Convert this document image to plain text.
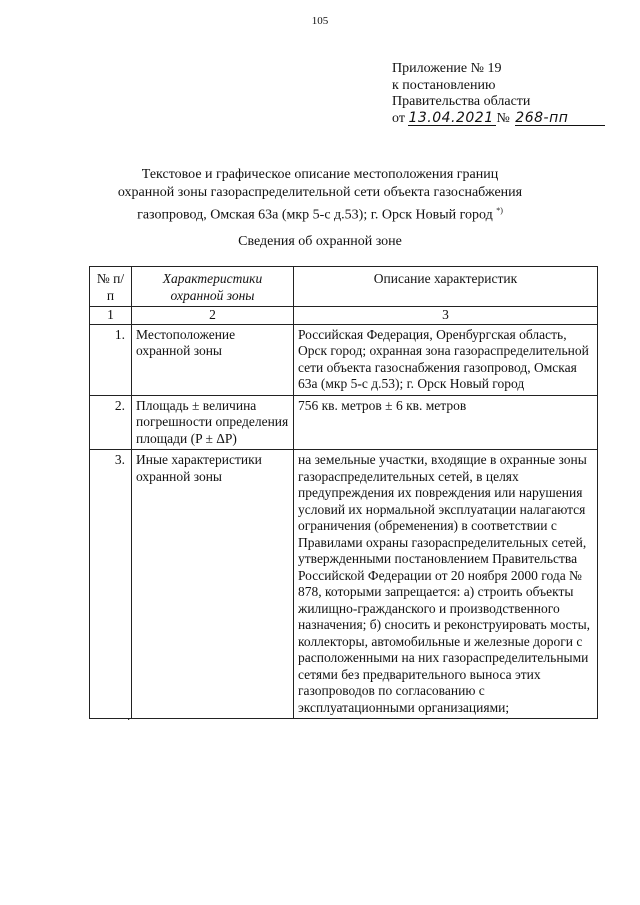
105
Приложение № 19
к постановлению
Правительства области
от 13.04.2021 № 268-пп
Текстовое и графическое описание местоположения границ
охранной зоны газораспределительной сети объекта газоснабжения
газопровод, Омская 63а (мкр 5-с д.53); г. Орск Новый город *)
Сведения об охранной зоне
№ п/п	Характеристики охранной зоны	Описание характеристик
1	2	3
1.	Местоположение охранной зоны	Российская Федерация, Оренбургская область, Орск город; охранная зона газораспределительной сети объекта газоснабжения газопровод, Омская 63а (мкр 5-с д.53); г. Орск Новый город
2.	Площадь ± величина погрешности определения площади (P ± ΔP)	756 кв. метров ± 6 кв. метров
3.	Иные характеристики охранной зоны	на земельные участки, входящие в охранные зоны газораспределительных сетей, в целях предупреждения их повреждения или нарушения условий их нормальной эксплуатации налагаются ограничения (обременения) в соответствии с Правилами охраны газораспределительных сетей, утвержденными постановлением Правительства Российской Федерации от 20 ноября 2000 года № 878, которыми запрещается: а) строить объекты жилищно-гражданского и производственного назначения; б) сносить и реконструировать мосты, коллекторы, автомобильные и железные дороги с расположенными на них газораспределительными сетями без предварительного выноса этих газопроводов по согласованию с эксплуатационными организациями;
·
